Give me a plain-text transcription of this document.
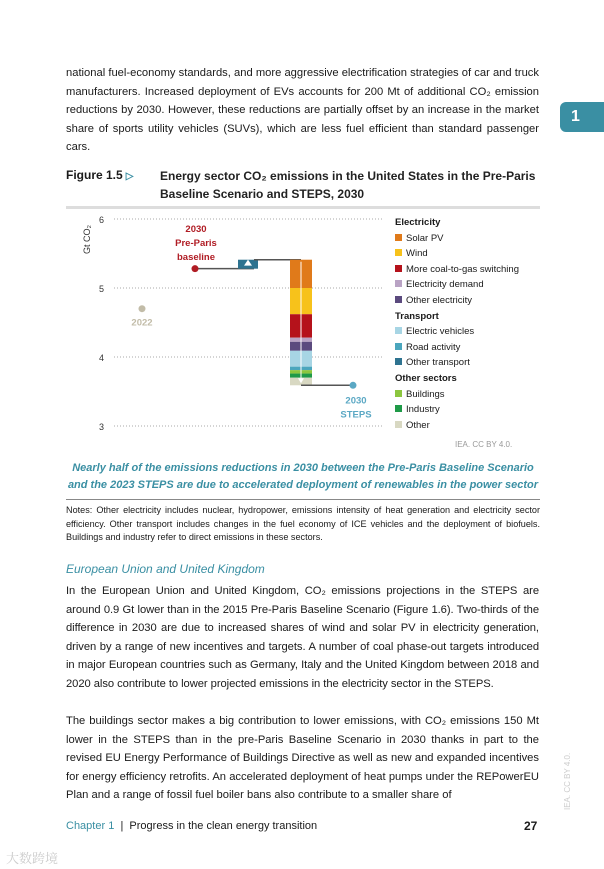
national fuel-economy standards, and more aggressive electrification strategies of car and truck manufacturers. Increased deployment of EVs accounts for 200 Mt of additional CO₂ emission reductions by 2030. However, these reductions are partially offset by an increase in the market share of sports utility vehicles (SUVs), which are less fuel efficient than standard passenger cars.
1
Figure 1.5 ▷ Energy sector CO₂ emissions in the United States in the Pre-Paris Baseline Scenario and STEPS, 2030
3
4
5
6
Gt CO₂
2022
2030
Pre-Paris
baseline
2030
STEPS
Electricity
Solar PV
Wind
More coal-to-gas switching
Electricity demand
Other electricity
Transport
Electric vehicles
Road activity
Other transport
Other sectors
Buildings
Industry
Other
IEA. CC BY 4.0.
Nearly half of the emissions reductions in 2030 between the Pre-Paris Baseline Scenario and the 2023 STEPS are due to accelerated deployment of renewables in the power sector
Notes: Other electricity includes nuclear, hydropower, emissions intensity of heat generation and electricity sector efficiency. Other transport includes changes in the fuel economy of ICE vehicles and the deployment of biofuels. Buildings and industry refer to direct emissions in these sectors.
European Union and United Kingdom
In the European Union and United Kingdom, CO₂ emissions projections in the STEPS are around 0.9 Gt lower than in the 2015 Pre-Paris Baseline Scenario (Figure 1.6). Two-thirds of the difference in 2030 are due to increased shares of wind and solar PV in electricity generation, driven by a range of new incentives and targets. A number of coal phase-out targets introduced in major European countries such as Germany, Italy and the United Kingdom between 2018 and 2020 also contribute to lower projected emissions in the electricity sector in the STEPS.
The buildings sector makes a big contribution to lower emissions, with CO₂ emissions 150 Mt lower in the STEPS than in the pre-Paris Baseline Scenario in 2030 thanks in part to the revised EU Energy Performance of Buildings Directive as well as new and expanded incentives for energy efficiency retrofits. An accelerated deployment of heat pumps under the REPowerEU Plan and a range of fossil fuel boiler bans also contribute to a smaller share of
Chapter 1 | Progress in the clean energy transition	27
IEA. CC BY 4.0.
大数跨境
